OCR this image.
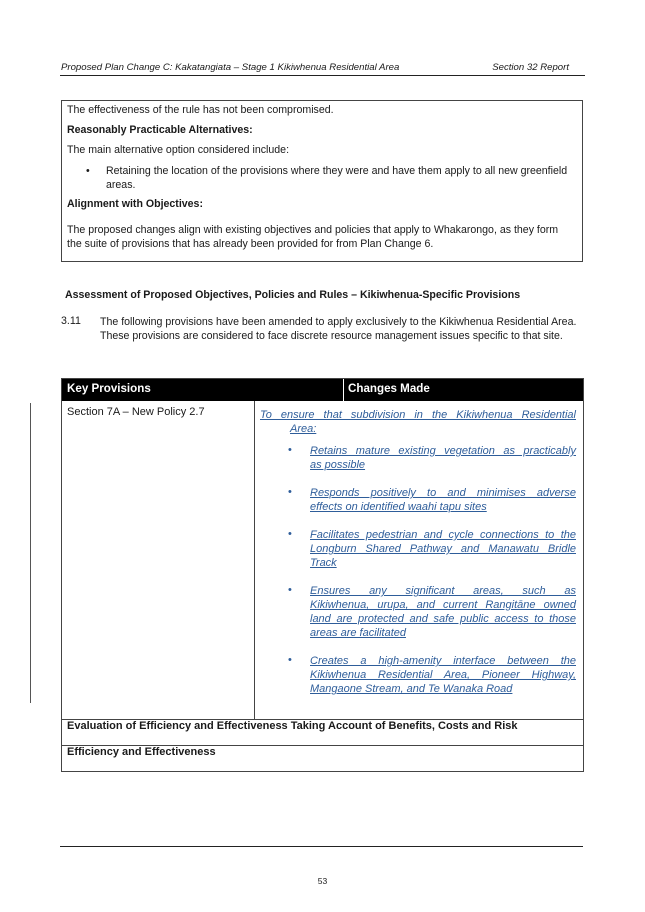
Proposed Plan Change C: Kakatangiata – Stage 1 Kikiwhenua Residential Area	Section 32 Report
The effectiveness of the rule has not been compromised.
Reasonably Practicable Alternatives:
The main alternative option considered include:
• Retaining the location of the provisions where they were and have them apply to all new greenfield
areas.
Alignment with Objectives:
The proposed changes align with existing objectives and policies that apply to Whakarongo, as they form
the suite of provisions that has already been provided for from Plan Change 6.
Assessment of Proposed Objectives, Policies and Rules – Kikiwhenua-Specific Provisions
3.11 The following provisions have been amended to apply exclusively to the Kikiwhenua Residential Area.
These provisions are considered to face discrete resource management issues specific to that site.
Key Provisions	Changes Made
Section 7A – New Policy 2.7	To ensure that subdivision in the Kikiwhenua Residential
Area:
• Retains mature existing vegetation as practicably
as possible
• Responds positively to and minimises adverse
effects on identified waahi tapu sites
• Facilitates pedestrian and cycle connections to the
Longburn Shared Pathway and Manawatu Bridle
Track
• Ensures any significant areas, such as
Kikiwhenua, urupa, and current Rangitāne owned
land are protected and safe public access to those
areas are facilitated
• Creates a high-amenity interface between the
Kikiwhenua Residential Area, Pioneer Highway,
Mangaone Stream, and Te Wanaka Road
Evaluation of Efficiency and Effectiveness Taking Account of Benefits, Costs and Risk
Efficiency and Effectiveness
53
